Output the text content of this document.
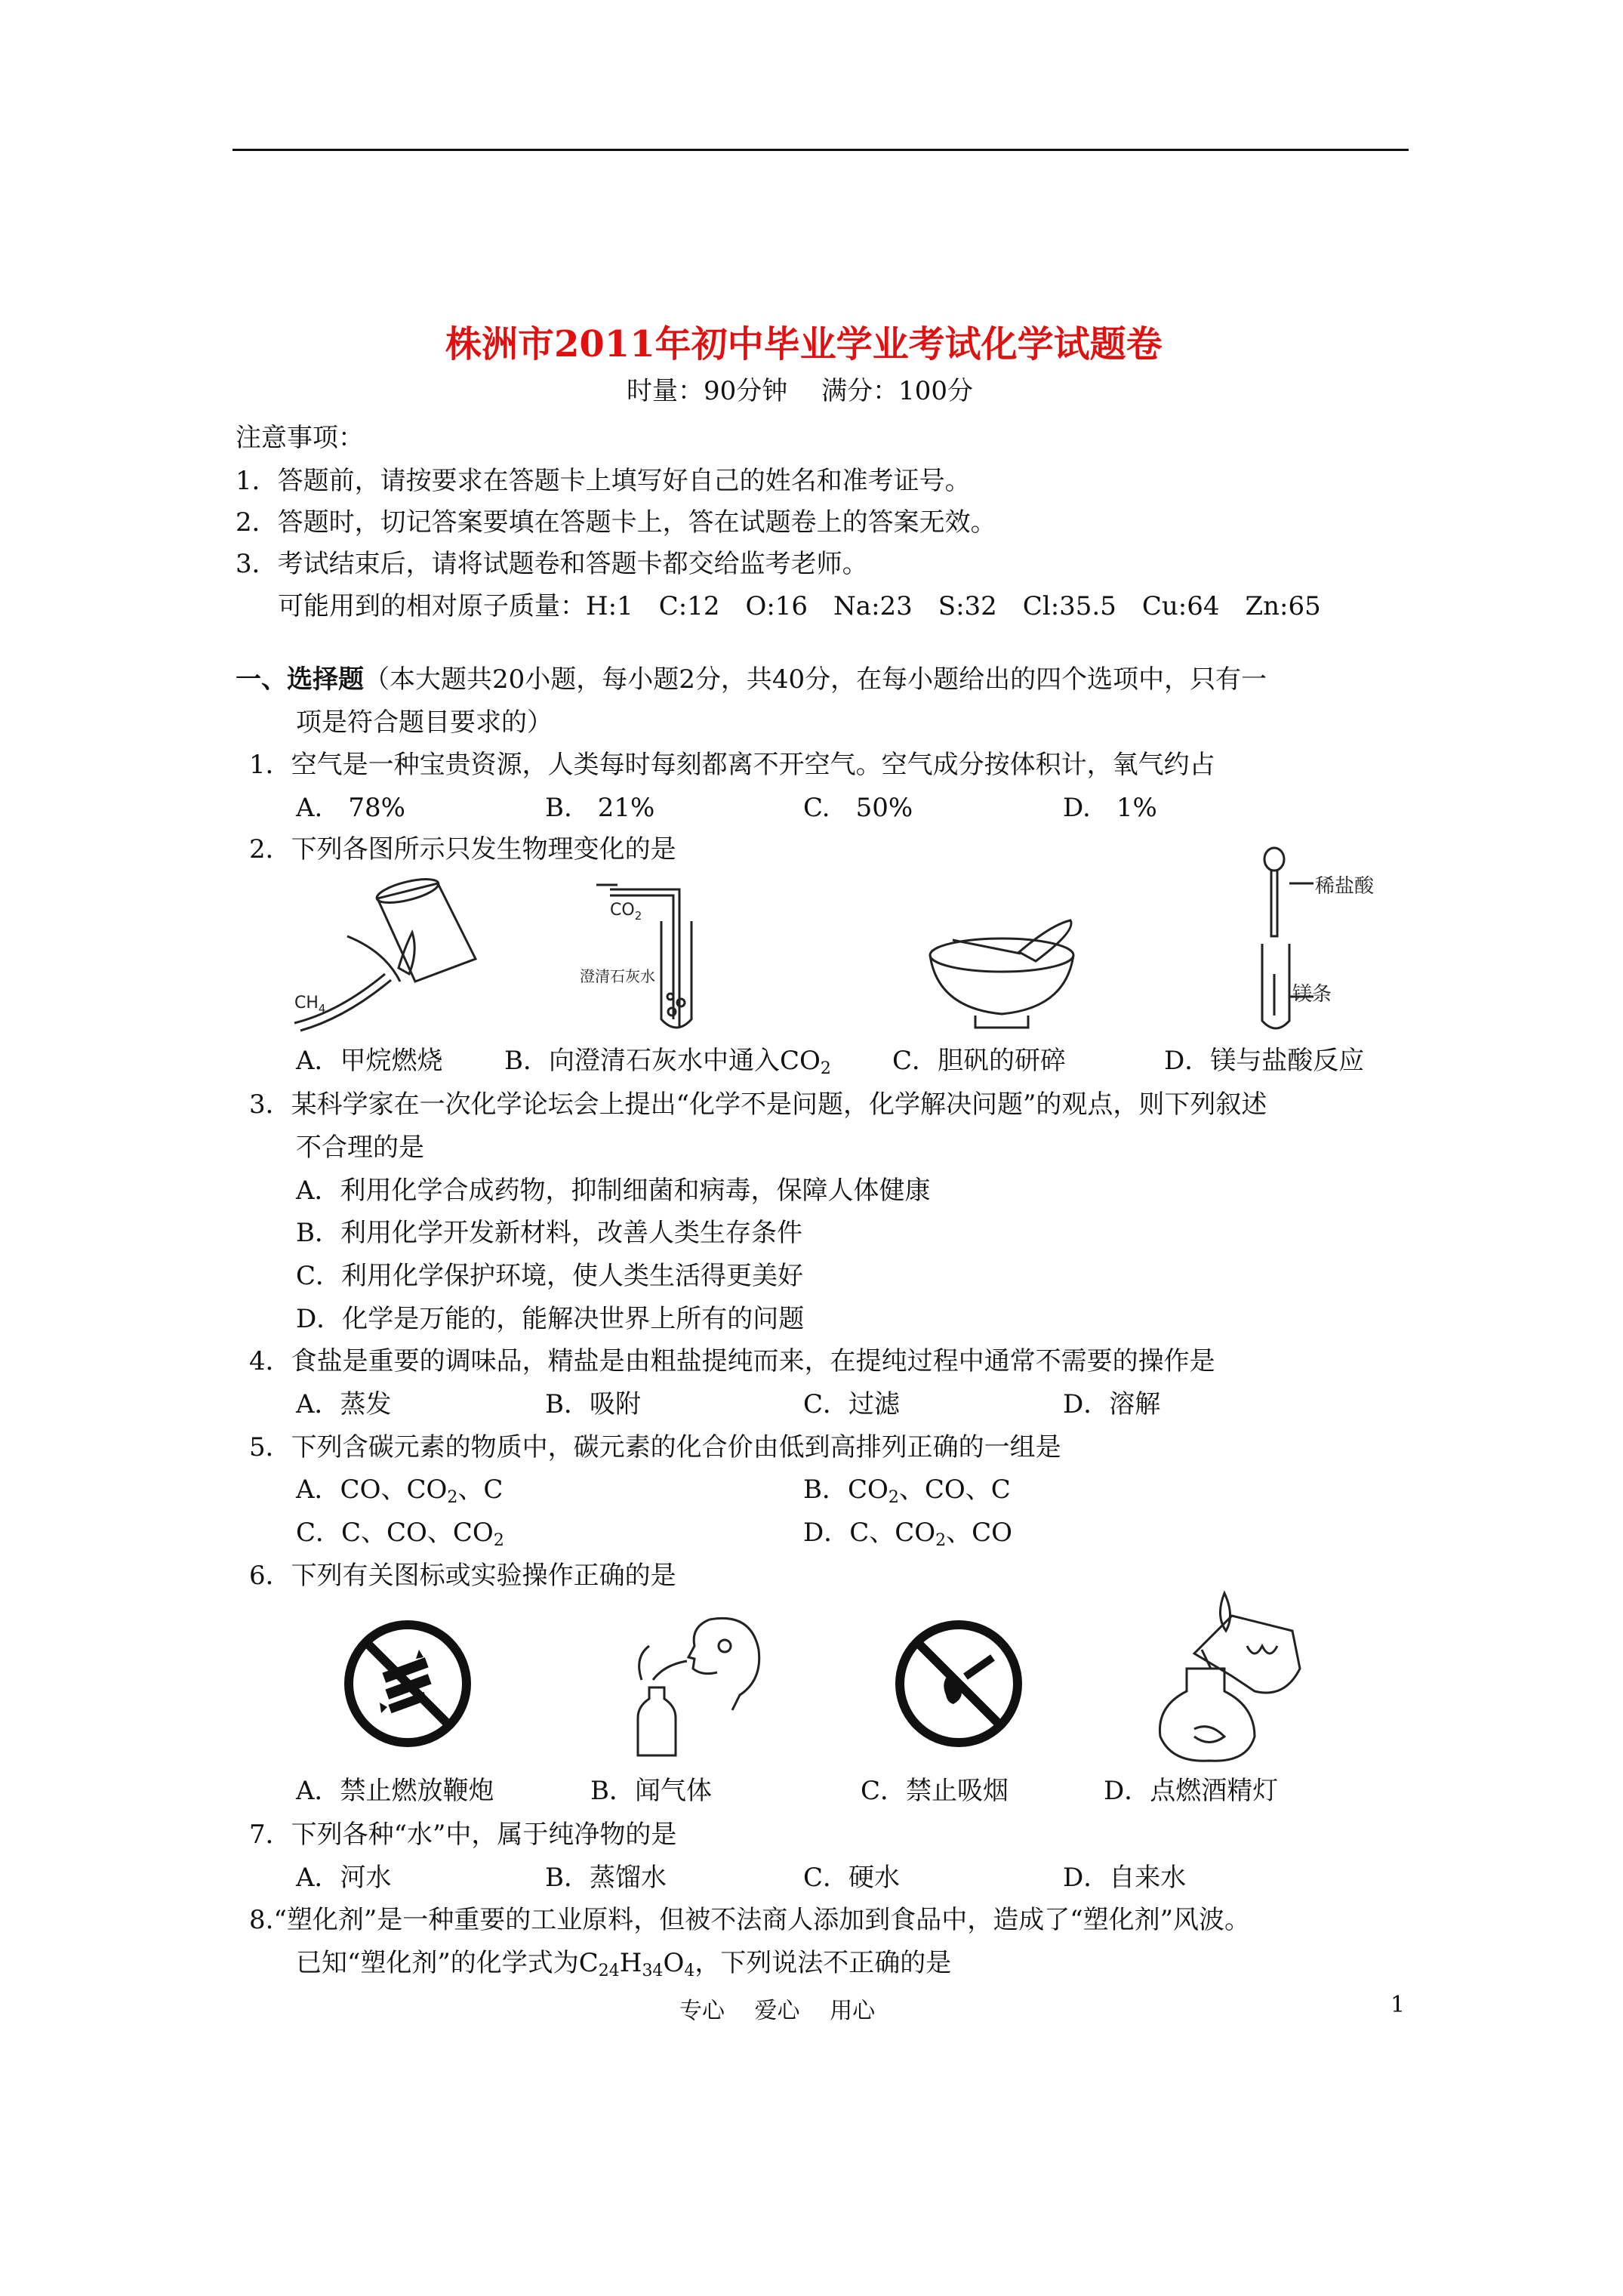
株洲市2011年初中毕业学业考试化学试题卷
时量：90分钟　 满分：100分
注意事项：
1．答题前，请按要求在答题卡上填写好自己的姓名和准考证号。
2．答题时，切记答案要填在答题卡上，答在试题卷上的答案无效。
3．考试结束后，请将试题卷和答题卡都交给监考老师。
可能用到的相对原子质量：H:1　C:12　O:16　Na:23　S:32　Cl:35.5　Cu:64　Zn:65
一、选择题（本大题共20小题，每小题2分，共40分，在每小题给出的四个选项中，只有一
项是符合题目要求的）
1．空气是一种宝贵资源，人类每时每刻都离不开空气。空气成分按体积计，氧气约占
A.　78%	B.　21%	C.　50%	D.　1%
2．下列各图所示只发生物理变化的是
$CH_4$
$CO_2$
澄清石灰水
稀盐酸
镁条
A．甲烷燃烧 B．向澄清石灰水中通入$CO_2$ C．胆矾的研碎	D．镁与盐酸反应
3．某科学家在一次化学论坛会上提出“化学不是问题，化学解决问题”的观点，则下列叙述
不合理的是
A．利用化学合成药物，抑制细菌和病毒，保障人体健康
B．利用化学开发新材料，改善人类生存条件
C．利用化学保护环境，使人类生活得更美好
D．化学是万能的，能解决世界上所有的问题
4．食盐是重要的调味品，精盐是由粗盐提纯而来，在提纯过程中通常不需要的操作是
A．蒸发	B．吸附	C．过滤	D．溶解
5．下列含碳元素的物质中，碳元素的化合价由低到高排列正确的一组是
A．CO、$CO_2$、C	B．$CO_2$、CO、C
C．C、CO、$CO_2$	D．C、$CO_2$、CO
6．下列有关图标或实验操作正确的是
A．禁止燃放鞭炮	B．闻气体	C．禁止吸烟	D．点燃酒精灯
7．下列各种“水”中，属于纯净物的是
A．河水	B．蒸馏水	C．硬水	D．自来水
8.“塑化剂”是一种重要的工业原料，但被不法商人添加到食品中，造成了“塑化剂”风波。
已知“塑化剂”的化学式为$C_{24}H_{34}O_4$，下列说法不正确的是
专心　 爱心　 用心	1
